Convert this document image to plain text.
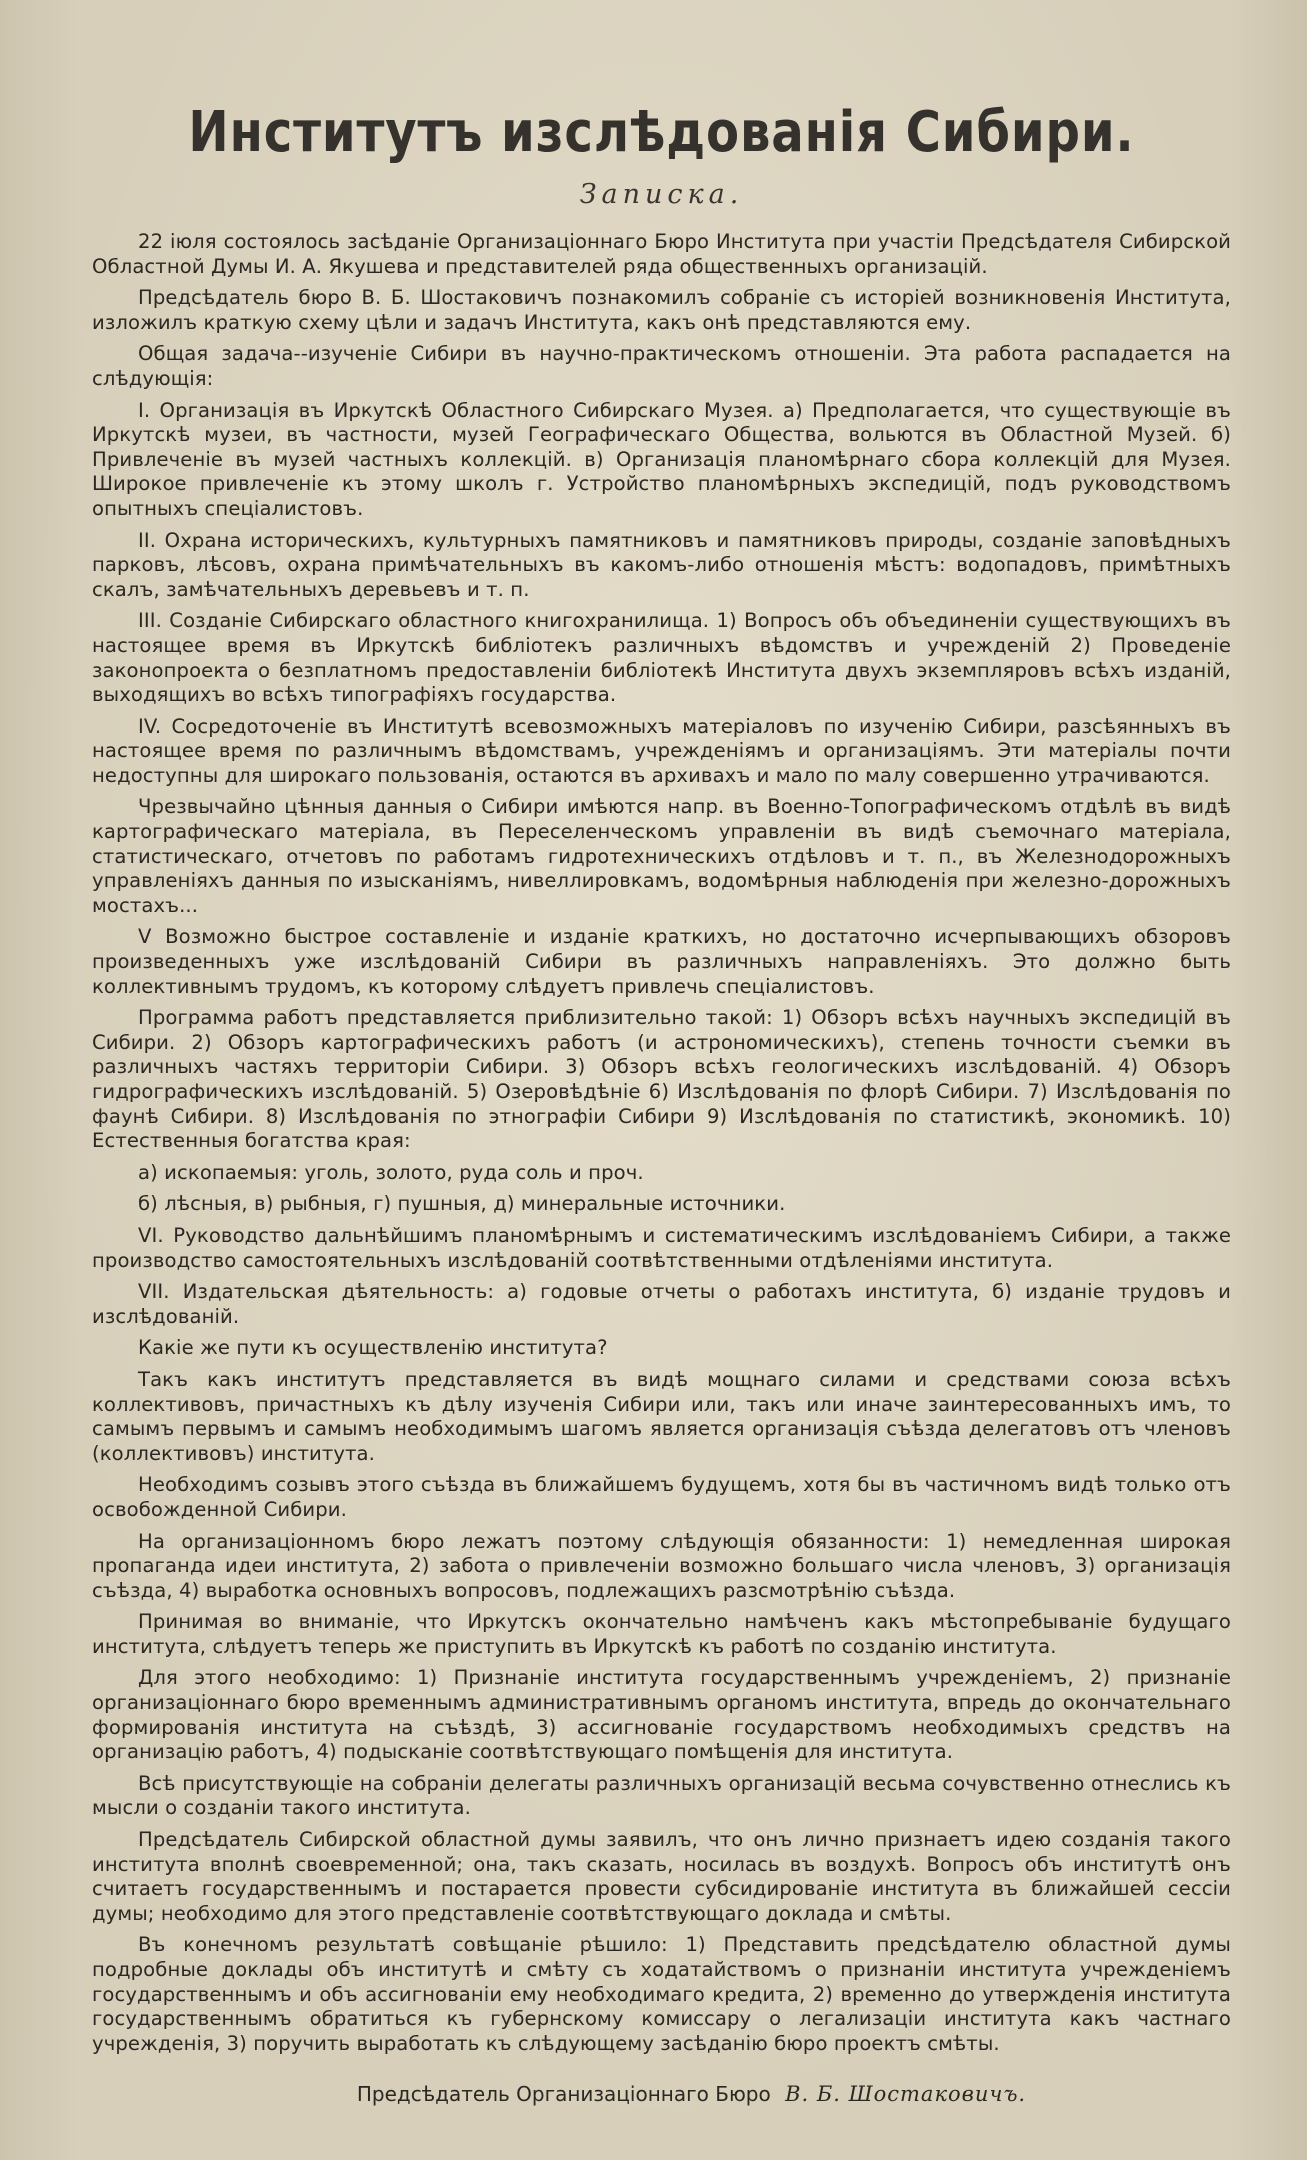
Институтъ изслѣдованія Сибири.
Записка.

22 іюля состоялось засѣданіе Организаціоннаго Бюро Института при участіи Предсѣдателя Сибирской Областной Думы И. А. Якушева и представителей ряда общественныхъ организацій.

Предсѣдатель бюро В. Б. Шостаковичъ познакомилъ собраніе съ исторіей возникновенія Института, изложилъ краткую схему цѣли и задачъ Института, какъ онѣ представляются ему.

Общая задача--изученіе Сибири въ научно-практическомъ отношеніи. Эта работа распадается на слѣдующія:

I. Организація въ Иркутскѣ Областного Сибирскаго Музея. а) Предполагается, что существующіе въ Иркутскѣ музеи, въ частности, музей Географическаго Общества, вольются въ Областной Музей. б) Привлеченіе въ музей частныхъ коллекцій. в) Организація планомѣрнаго сбора коллекцій для Музея. Широкое привлеченіе къ этому школъ г. Устройство планомѣрныхъ экспедицій, подъ руководствомъ опытныхъ спеціалистовъ.

II. Охрана историческихъ, культурныхъ памятниковъ и памятниковъ природы, созданіе заповѣдныхъ парковъ, лѣсовъ, охрана примѣчательныхъ въ какомъ-либо отношенія мѣстъ: водопадовъ, примѣтныхъ скалъ, замѣчательныхъ деревьевъ и т. п.

III. Созданіе Сибирскаго областного книгохранилища. 1) Вопросъ объ объединеніи существующихъ въ настоящее время въ Иркутскѣ библіотекъ различныхъ вѣдомствъ и учрежденій 2) Проведеніе законопроекта о безплатномъ предоставленіи библіотекѣ Института двухъ экземпляровъ всѣхъ изданій, выходящихъ во всѣхъ типографіяхъ государства.

IV. Сосредоточеніе въ Институтѣ всевозможныхъ матеріаловъ по изученію Сибири, разсѣянныхъ въ настоящее время по различнымъ вѣдомствамъ, учрежденіямъ и организаціямъ. Эти матеріалы почти недоступны для широкаго пользованія, остаются въ архивахъ и мало по малу совершенно утрачиваются.

Чрезвычайно цѣнныя данныя о Сибири имѣются напр. въ Военно-Топографическомъ отдѣлѣ въ видѣ картографическаго матеріала, въ Переселенческомъ управленіи въ видѣ съемочнаго матеріала, статистическаго, отчетовъ по работамъ гидротехническихъ отдѣловъ и т. п., въ Железнодорожныхъ управленіяхъ данныя по изысканіямъ, нивеллировкамъ, водомѣрныя наблюденія при железно-дорожныхъ мостахъ...

V Возможно быстрое составленіе и изданіе краткихъ, но достаточно исчерпывающихъ обзоровъ произведенныхъ уже изслѣдованій Сибири въ различныхъ направленіяхъ. Это должно быть коллективнымъ трудомъ, къ которому слѣдуетъ привлечь спеціалистовъ.

Программа работъ представляется приблизительно такой: 1) Обзоръ всѣхъ научныхъ экспедицій въ Сибири. 2) Обзоръ картографическихъ работъ (и астрономическихъ), степень точности съемки въ различныхъ частяхъ территоріи Сибири. 3) Обзоръ всѣхъ геологическихъ изслѣдованій. 4) Обзоръ гидрографическихъ изслѣдованій. 5) Озеровѣдѣніе 6) Изслѣдованія по флорѣ Сибири. 7) Изслѣдованія по фаунѣ Сибири. 8) Изслѣдованія по этнографіи Сибири 9) Изслѣдованія по статистикѣ, экономикѣ. 10) Естественныя богатства края:

а) ископаемыя: уголь, золото, руда соль и проч.

б) лѣсныя, в) рыбныя, г) пушныя, д) минеральные источники.

VI. Руководство дальнѣйшимъ планомѣрнымъ и систематическимъ изслѣдованіемъ Сибири, а также производство самостоятельныхъ изслѣдованій соотвѣтственными отдѣленіями института.

VII. Издательская дѣятельность: а) годовые отчеты о работахъ института, б) изданіе трудовъ и изслѣдованій.

Какіе же пути къ осуществленію института?

Такъ какъ институтъ представляется въ видѣ мощнаго силами и средствами союза всѣхъ коллективовъ, причастныхъ къ дѣлу изученія Сибири или, такъ или иначе заинтересованныхъ имъ, то самымъ первымъ и самымъ необходимымъ шагомъ является организація съѣзда делегатовъ отъ членовъ (коллективовъ) института.

Необходимъ созывъ этого съѣзда въ ближайшемъ будущемъ, хотя бы въ частичномъ видѣ только отъ освобожденной Сибири.

На организаціонномъ бюро лежатъ поэтому слѣдующія обязанности: 1) немедленная широкая пропаганда идеи института, 2) забота о привлеченіи возможно большаго числа членовъ, 3) организація съѣзда, 4) выработка основныхъ вопросовъ, подлежащихъ разсмотрѣнію съѣзда.

Принимая во вниманіе, что Иркутскъ окончательно намѣченъ какъ мѣстопребываніе будущаго института, слѣдуетъ теперь же приступить въ Иркутскѣ къ работѣ по созданію института.

Для этого необходимо: 1) Признаніе института государственнымъ учрежденіемъ, 2) признаніе организаціоннаго бюро временнымъ административнымъ органомъ института, впредь до окончательнаго формированія института на съѣздѣ, 3) ассигнованіе государствомъ необходимыхъ средствъ на организацію работъ, 4) подысканіе соотвѣтствующаго помѣщенія для института.

Всѣ присутствующіе на собраніи делегаты различныхъ организацій весьма сочувственно отнеслись къ мысли о созданіи такого института.

Предсѣдатель Сибирской областной думы заявилъ, что онъ лично признаетъ идею созданія такого института вполнѣ своевременной; она, такъ сказать, носилась въ воздухѣ. Вопросъ объ институтѣ онъ считаетъ государственнымъ и постарается провести субсидированіе института въ ближайшей сессіи думы; необходимо для этого представленіе соотвѣтствующаго доклада и смѣты.

Въ конечномъ результатѣ совѣщаніе рѣшило: 1) Представить предсѣдателю областной думы подробные доклады объ институтѣ и смѣту съ ходатайствомъ о признаніи института учрежденіемъ государственнымъ и объ ассигнованіи ему необходимаго кредита, 2) временно до утвержденія института государственнымъ обратиться къ губернскому комиссару о легализаціи института какъ частнаго учрежденія, 3) поручить выработать къ слѣдующему засѣданію бюро проектъ смѣты.

Предсѣдатель Организаціоннаго Бюро В. Б. Шостаковичъ.
